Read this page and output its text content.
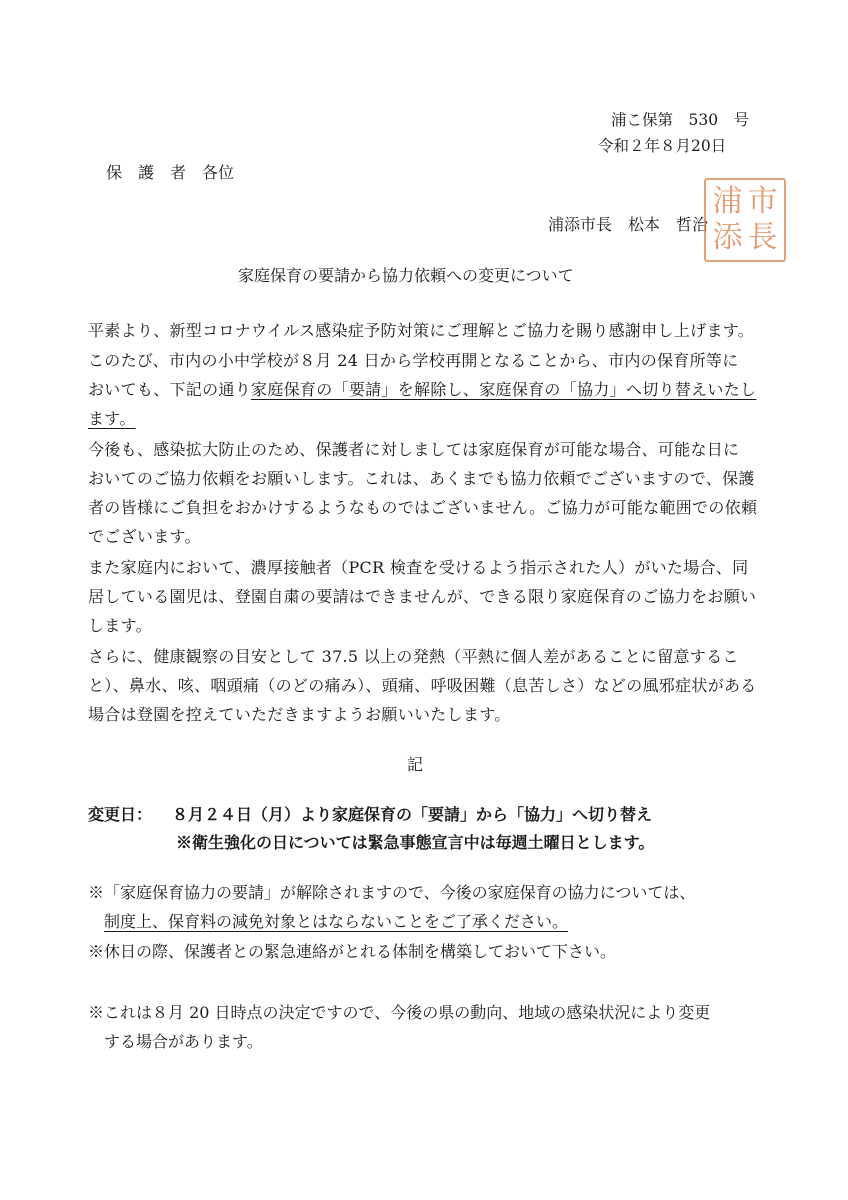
浦こ保第　530　号
令和２年８月20日
保　護　者　各位
浦添市長　松本　哲治
浦 市
添 長
家庭保育の要請から協力依頼への変更について
平素より、新型コロナウイルス感染症予防対策にご理解とご協力を賜り感謝申し上げます。
このたび、市内の小中学校が８月 24 日から学校再開となることから、市内の保育所等に
おいても、下記の通り家庭保育の「要請」を解除し、家庭保育の「協力」へ切り替えいたし
ます。
今後も、感染拡大防止のため、保護者に対しましては家庭保育が可能な場合、可能な日に
おいてのご協力依頼をお願いします。これは、あくまでも協力依頼でございますので、保護
者の皆様にご負担をおかけするようなものではございません。ご協力が可能な範囲での依頼
でございます。
また家庭内において、濃厚接触者（PCR 検査を受けるよう指示された人）がいた場合、同
居している園児は、登園自粛の要請はできませんが、できる限り家庭保育のご協力をお願い
します。
さらに、健康観察の目安として 37.5 以上の発熱（平熱に個人差があることに留意するこ
と）、鼻水、咳、咽頭痛（のどの痛み）、頭痛、呼吸困難（息苦しさ）などの風邪症状がある
場合は登園を控えていただきますようお願いいたします。
記
変更日： ８月２４日（月）より家庭保育の「要請」から「協力」へ切り替え
※衛生強化の日については緊急事態宣言中は毎週土曜日とします。
※「家庭保育協力の要請」が解除されますので、今後の家庭保育の協力については、
制度上、保育料の減免対象とはならないことをご了承ください。
※休日の際、保護者との緊急連絡がとれる体制を構築しておいて下さい。
※これは８月 20 日時点の決定ですので、今後の県の動向、地域の感染状況により変更
する場合があります。
